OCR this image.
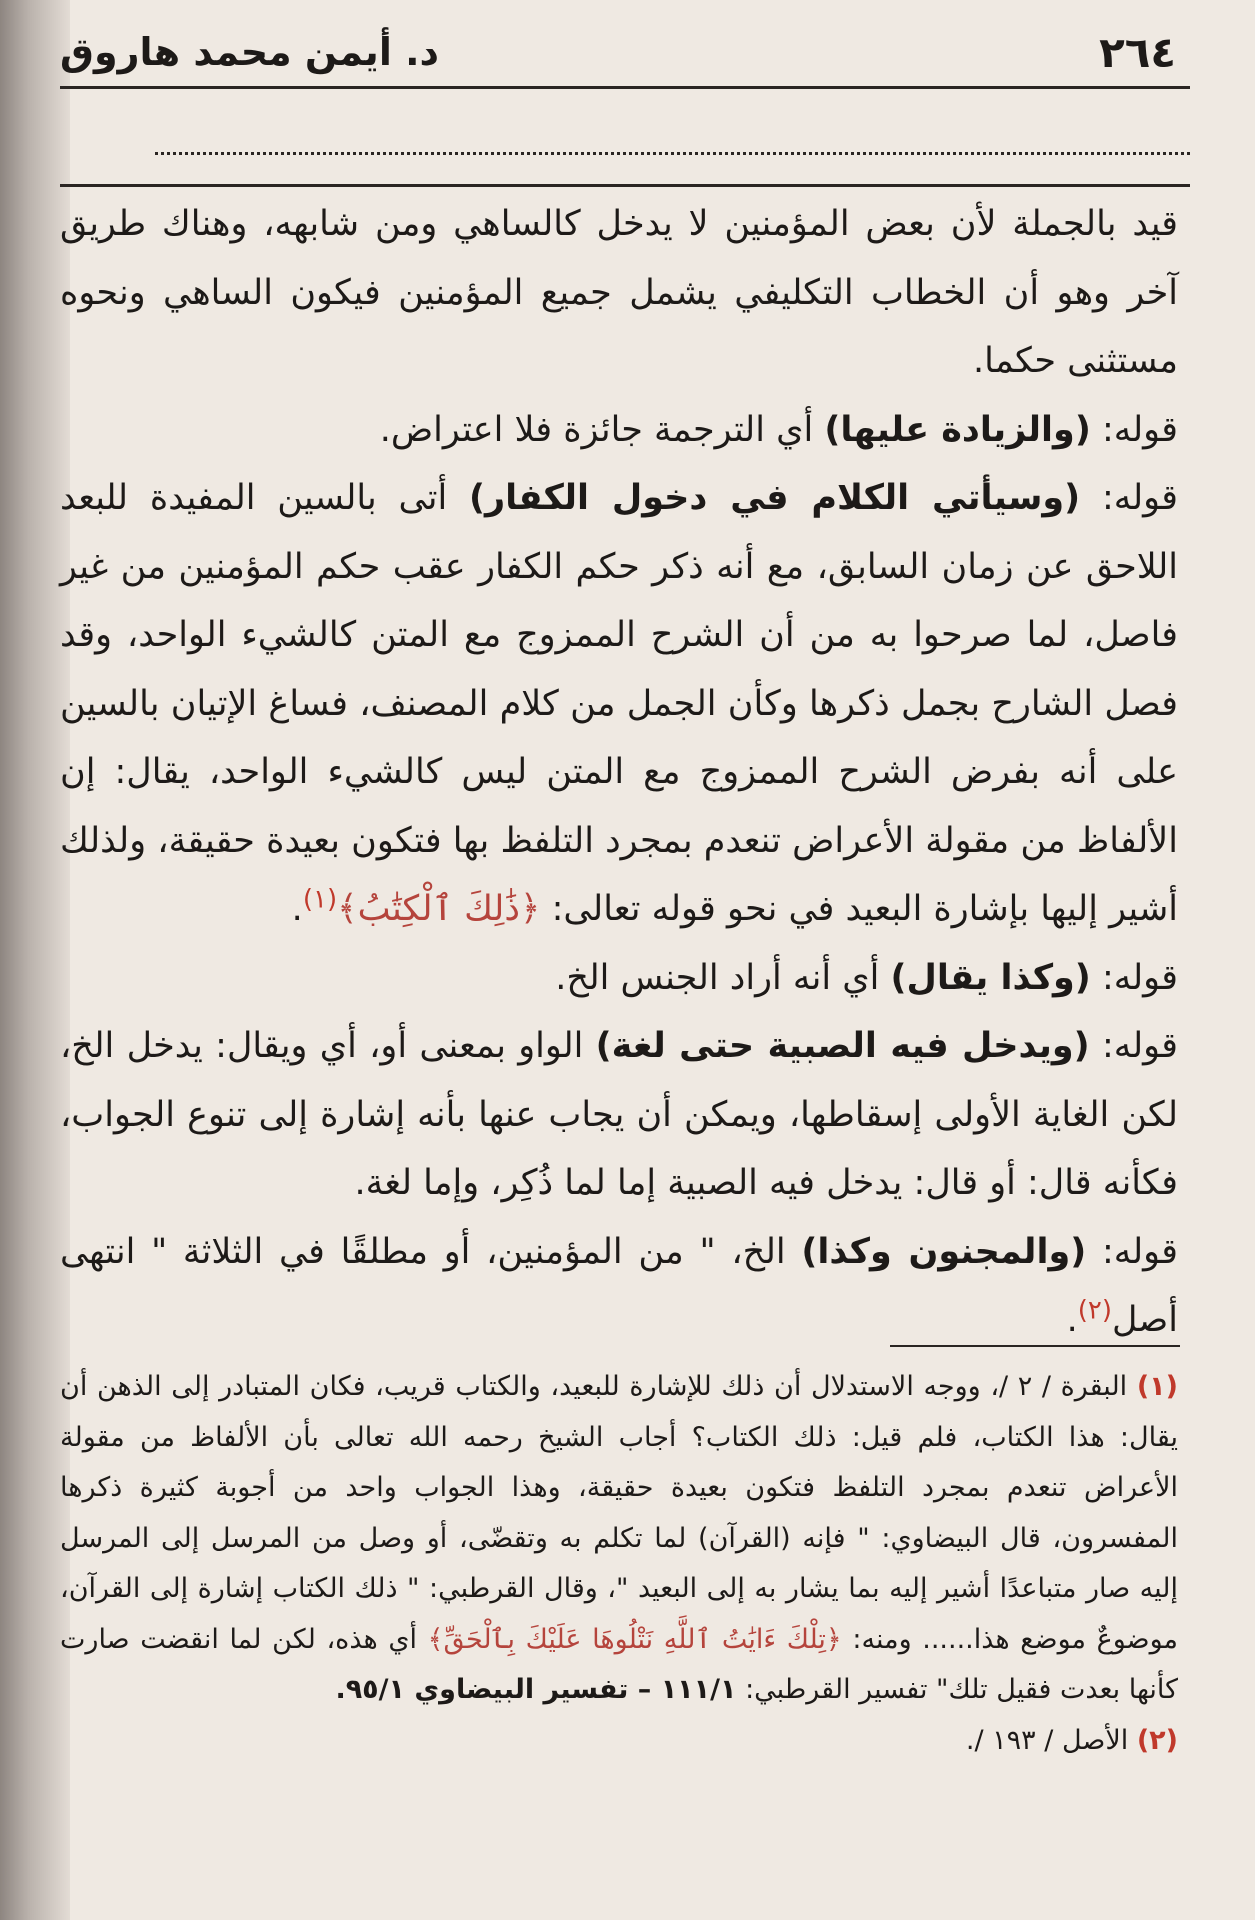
٢٦٤
د. أيمن محمد هاروق

قيد بالجملة لأن بعض المؤمنين لا يدخل كالساهي ومن شابهه، وهناك طريق آخر وهو أن الخطاب التكليفي يشمل جميع المؤمنين فيكون الساهي ونحوه مستثنى حكما.

قوله: (والزيادة عليها) أي الترجمة جائزة فلا اعتراض.

قوله: (وسيأتي الكلام في دخول الكفار) أتى بالسين المفيدة للبعد اللاحق عن زمان السابق، مع أنه ذكر حكم الكفار عقب حكم المؤمنين من غير فاصل، لما صرحوا به من أن الشرح الممزوج مع المتن كالشيء الواحد، وقد فصل الشارح بجمل ذكرها وكأن الجمل من كلام المصنف، فساغ الإتيان بالسين على أنه بفرض الشرح الممزوج مع المتن ليس كالشيء الواحد، يقال: إن الألفاظ من مقولة الأعراض تنعدم بمجرد التلفظ بها فتكون بعيدة حقيقة، ولذلك أشير إليها بإشارة البعيد في نحو قوله تعالى: ﴿ذَٰلِكَ ٱلْكِتَٰبُ﴾$^{(١)}$.

قوله: (وكذا يقال) أي أنه أراد الجنس الخ.

قوله: (ويدخل فيه الصبية حتى لغة) الواو بمعنى أو، أي ويقال: يدخل الخ، لكن الغاية الأولى إسقاطها، ويمكن أن يجاب عنها بأنه إشارة إلى تنوع الجواب، فكأنه قال: أو قال: يدخل فيه الصبية إما لما ذُكِر، وإما لغة.

قوله: (والمجنون وكذا) الخ، " من المؤمنين، أو مطلقًا في الثلاثة " انتهى أصل$^{(٢)}$.

(١) البقرة / ٢ /، ووجه الاستدلال أن ذلك للإشارة للبعيد، والكتاب قريب، فكان المتبادر إلى الذهن أن يقال: هذا الكتاب، فلم قيل: ذلك الكتاب؟ أجاب الشيخ رحمه الله تعالى بأن الألفاظ من مقولة الأعراض تنعدم بمجرد التلفظ فتكون بعيدة حقيقة، وهذا الجواب واحد من أجوبة كثيرة ذكرها المفسرون، قال البيضاوي: " فإنه (القرآن) لما تكلم به وتقضّى، أو وصل من المرسل إلى المرسل إليه صار متباعدًا أشير إليه بما يشار به إلى البعيد "، وقال القرطبي: " ذلك الكتاب إشارة إلى القرآن، موضوعٌ موضع هذا...... ومنه: ﴿تِلْكَ ءَايَٰتُ ٱللَّهِ نَتْلُوهَا عَلَيْكَ بِٱلْحَقِّ﴾ أي هذه، لكن لما انقضت صارت كأنها بعدت فقيل تلك" تفسير القرطبي: ١١١/١ – تفسير البيضاوي ٩٥/١.

(٢) الأصل / ١٩٣ /.
